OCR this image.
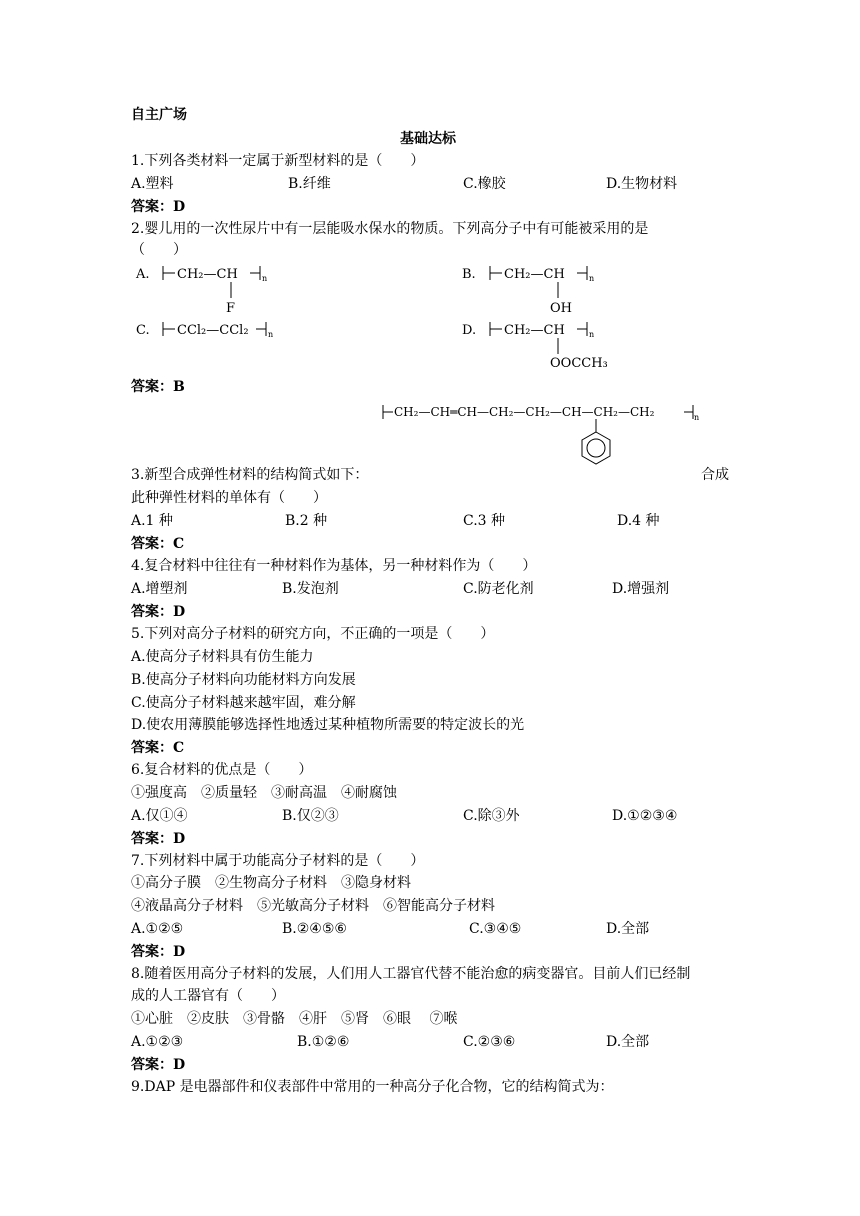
自主广场
基础达标
1.下列各类材料一定属于新型材料的是（　　）
A.塑料	B.纤维	C.橡胶	D.生物材料
答案：D
2.婴儿用的一次性尿片中有一层能吸水保水的物质。下列高分子中有可能被采用的是
（　　）
A. CH₂—CH	n
F
B. CH₂—CH	n
OH
C. CCl₂—CCl₂ n	D. CH₂—CH	n
OOCCH₃
答案：B
CH₂—CH═CH—CH₂—CH₂—CH—CH₂—CH₂	n
3.新型合成弹性材料的结构简式如下：	合成
此种弹性材料的单体有（　　）
A.1 种	B.2 种	C.3 种	D.4 种
答案：C
4.复合材料中往往有一种材料作为基体，另一种材料作为（　　）
A.增塑剂	B.发泡剂	C.防老化剂	D.增强剂
答案：D
5.下列对高分子材料的研究方向，不正确的一项是（　　）
A.使高分子材料具有仿生能力
B.使高分子材料向功能材料方向发展
C.使高分子材料越来越牢固，难分解
D.使农用薄膜能够选择性地透过某种植物所需要的特定波长的光
答案：C
6.复合材料的优点是（　　）
①强度高　②质量轻　③耐高温　④耐腐蚀
A.仅①④	B.仅②③	C.除③外	D.①②③④
答案：D
7.下列材料中属于功能高分子材料的是（　　）
①高分子膜　②生物高分子材料　③隐身材料
④液晶高分子材料　⑤光敏高分子材料　⑥智能高分子材料
A.①②⑤	B.②④⑤⑥	C.③④⑤	D.全部
答案：D
8.随着医用高分子材料的发展，人们用人工器官代替不能治愈的病变器官。目前人们已经制
成的人工器官有（　　）
①心脏　②皮肤　③骨骼　④肝　⑤肾　⑥眼　 ⑦喉
A.①②③	B.①②⑥	C.②③⑥	D.全部
答案：D
9.DAP 是电器部件和仪表部件中常用的一种高分子化合物，它的结构简式为：
